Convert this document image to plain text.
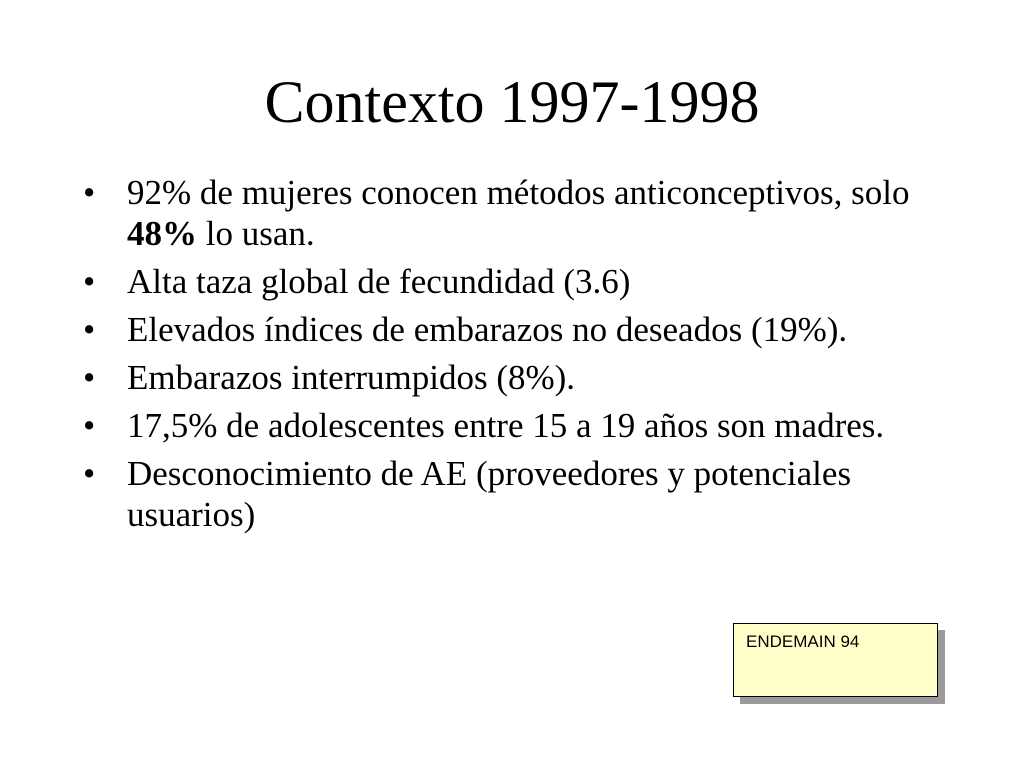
Contexto 1997-1998
• 92% de mujeres conocen métodos anticonceptivos, solo 48% lo usan.
• Alta taza global de fecundidad (3.6)
• Elevados índices de embarazos no deseados (19%).
• Embarazos interrumpidos (8%).
• 17,5% de adolescentes entre 15 a 19 años son madres.
• Desconocimiento de AE (proveedores y potenciales usuarios)
ENDEMAIN 94
